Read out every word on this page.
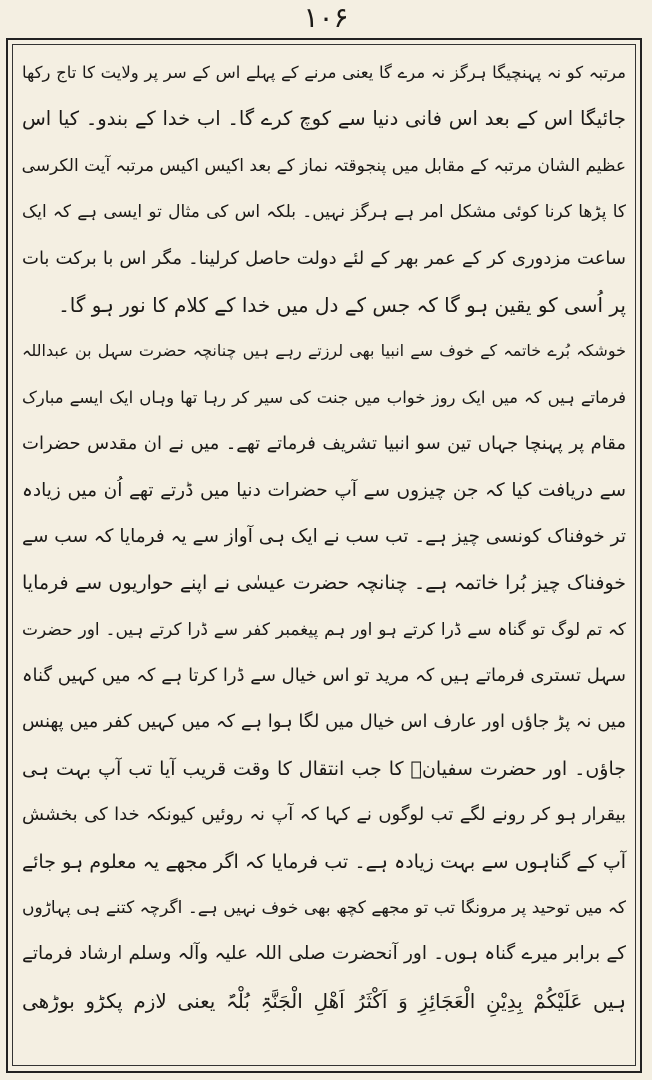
۱۰۶
مرتبہ کو نہ پہنچیگا ہرگز نہ مرے گا یعنی مرنے کے پہلے اس کے سر پر ولایت کا تاج رکھا
جائیگا اس کے بعد اس فانی دنیا سے کوچ کرے گا۔ اب خدا کے بندو۔ کیا اس
عظیم الشان مرتبہ کے مقابل میں پنجوقتہ نماز کے بعد اکیس اکیس مرتبہ آیت الکرسی
کا پڑھا کرنا کوئی مشکل امر ہے ہرگز نہیں۔ بلکہ اس کی مثال تو ایسی ہے کہ ایک
ساعت مزدوری کر کے عمر بھر کے لئے دولت حاصل کرلینا۔ مگر اس با برکت بات
پر اُسی کو یقین ہو گا کہ جس کے دل میں خدا کے کلام کا نور ہو گا۔
خوشکہ بُرے خاتمہ کے خوف سے انبیا بھی لرزتے رہے ہیں چنانچہ حضرت سہل بن عبداللہ
فرماتے ہیں کہ میں ایک روز خواب میں جنت کی سیر کر رہا تھا وہاں ایک ایسے مبارک
مقام پر پہنچا جہاں تین سو انبیا تشریف فرماتے تھے۔ میں نے ان مقدس حضرات
سے دریافت کیا کہ جن چیزوں سے آپ حضرات دنیا میں ڈرتے تھے اُن میں زیادہ
تر خوفناک کونسی چیز ہے۔ تب سب نے ایک ہی آواز سے یہ فرمایا کہ سب سے
خوفناک چیز بُرا خاتمہ ہے۔ چنانچہ حضرت عیسٰی نے اپنے حواریوں سے فرمایا
کہ تم لوگ تو گناہ سے ڈرا کرتے ہو اور ہم پیغمبر کفر سے ڈرا کرتے ہیں۔ اور حضرت
سہل تستری فرماتے ہیں کہ مرید تو اس خیال سے ڈرا کرتا ہے کہ میں کہیں گناہ
میں نہ پڑ جاؤں اور عارف اس خیال میں لگا ہوا ہے کہ میں کہیں کفر میں پھنس
جاؤں۔ اور حضرت سفیانؒ کا جب انتقال کا وقت قریب آیا تب آپ بہت ہی
بیقرار ہو کر رونے لگے تب لوگوں نے کہا کہ آپ نہ روئیں کیونکہ خدا کی بخشش
آپ کے گناہوں سے بہت زیادہ ہے۔ تب فرمایا کہ اگر مجھے یہ معلوم ہو جائے
کہ میں توحید پر مرونگا تب تو مجھے کچھ بھی خوف نہیں ہے۔ اگرچہ کتنے ہی پہاڑوں
کے برابر میرے گناہ ہوں۔ اور آنحضرت صلی اللہ علیہ وآلہ وسلم ارشاد فرماتے
ہیں عَلَیْکُمْ بِدِیْنِ الْعَجَائِزِ وَ اَکْثَرُ اَھْلِ الْجَنَّۃِ بُلْہٌ یعنی لازم پکڑو بوڑھی
